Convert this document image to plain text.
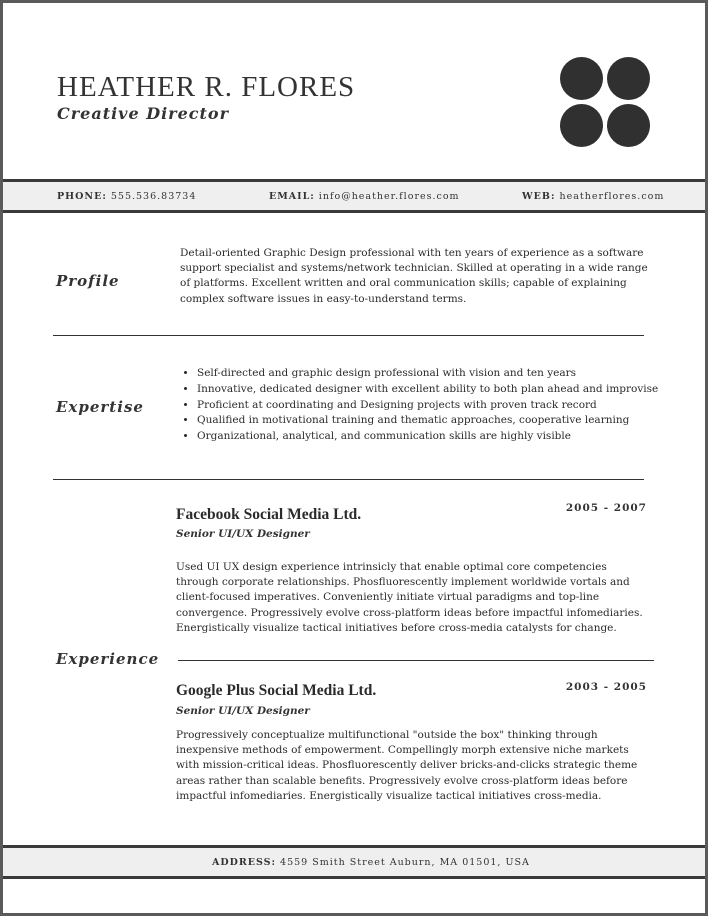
HEATHER R. FLORES
Creative Director
PHONE: 555.536.83734	EMAIL: info@heather.flores.com	WEB: heatherflores.com
Profile
Detail-oriented Graphic Design professional with ten years of experience as a software support specialist and systems/network technician. Skilled at operating in a wide range of platforms. Excellent written and oral communication skills; capable of explaining complex software issues in easy-to-understand terms.
Expertise
• Self-directed and graphic design professional with vision and ten years
• Innovative, dedicated designer with excellent ability to both plan ahead and improvise
• Proficient at coordinating and Designing projects with proven track record
• Qualified in motivational training and thematic approaches, cooperative learning
• Organizational, analytical, and communication skills are highly visible
Experience
Facebook Social Media Ltd.	2005 - 2007
Senior UI/UX Designer
Used UI UX design experience intrinsicly that enable optimal core competencies through corporate relationships. Phosfluorescently implement worldwide vortals and client-focused imperatives. Conveniently initiate virtual paradigms and top-line convergence. Progressively evolve cross-platform ideas before impactful infomediaries. Energistically visualize tactical initiatives before cross-media catalysts for change.
Google Plus Social Media Ltd.	2003 - 2005
Senior UI/UX Designer
Progressively conceptualize multifunctional "outside the box" thinking through inexpensive methods of empowerment. Compellingly morph extensive niche markets with mission-critical ideas. Phosfluorescently deliver bricks-and-clicks strategic theme areas rather than scalable benefits. Progressively evolve cross-platform ideas before impactful infomediaries. Energistically visualize tactical initiatives cross-media.
ADDRESS: 4559 Smith Street Auburn, MA 01501, USA
